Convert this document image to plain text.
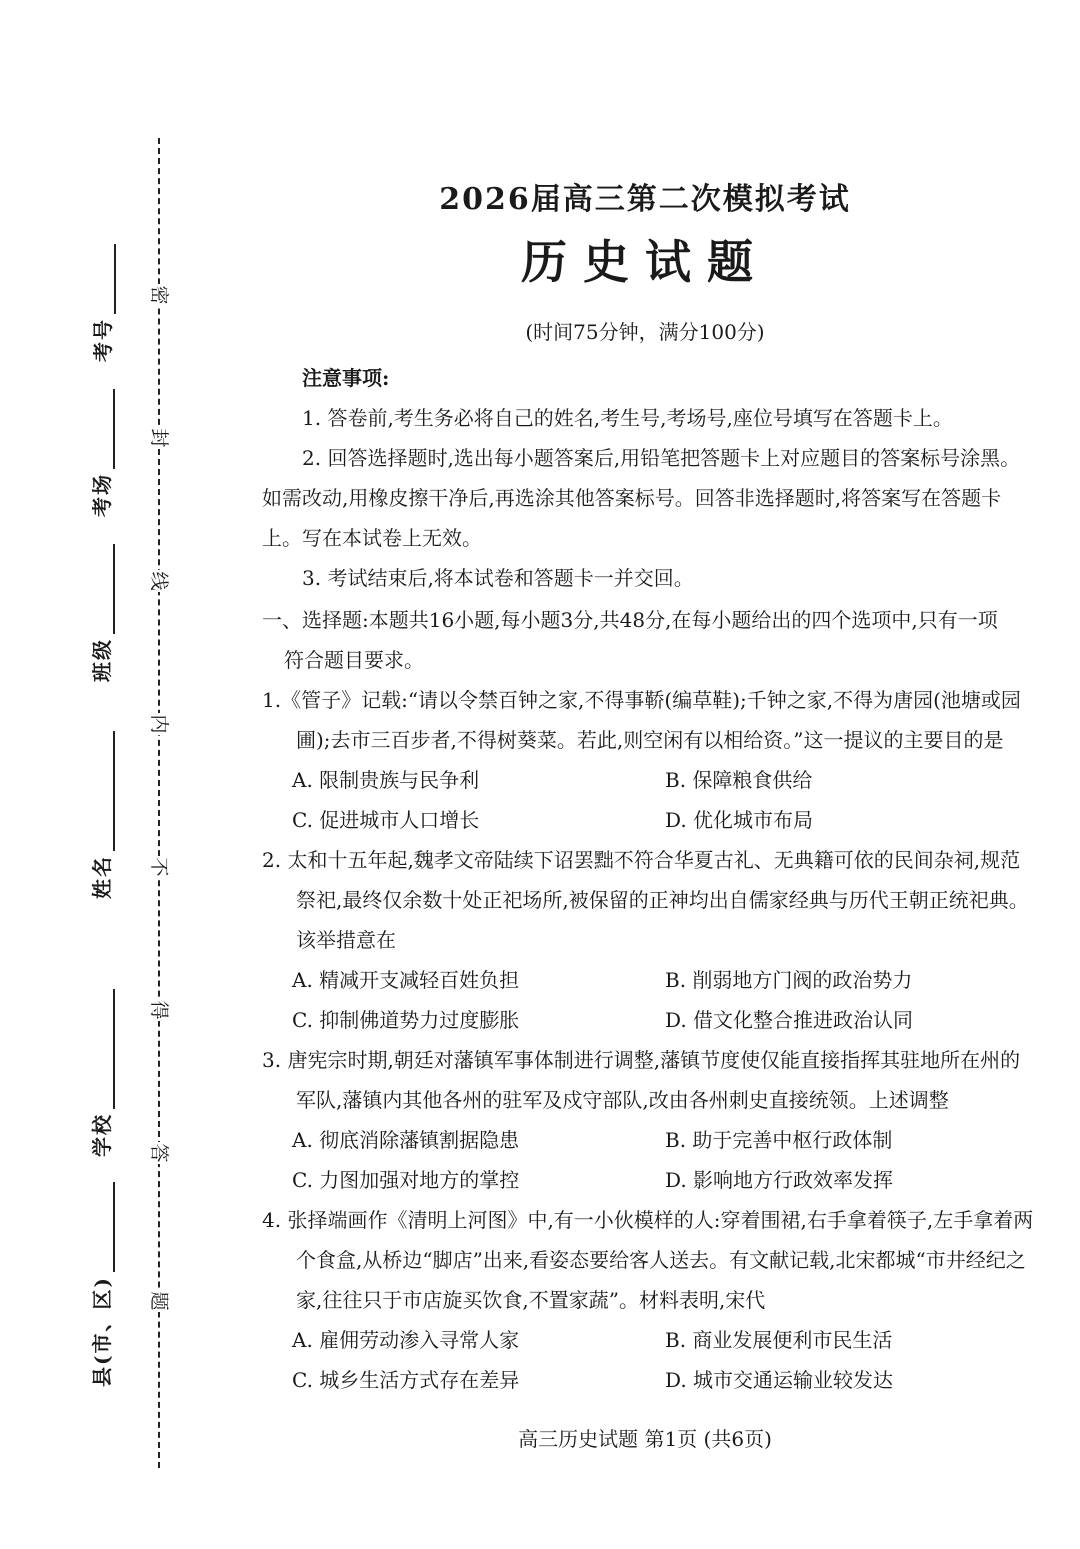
密
封
线
内
不
得
答
题
考号
考场
班级
姓名
学校
县(市、区)
2026届高三第二次模拟考试
历史试题
(时间75分钟，满分100分)
注意事项:
1. 答卷前,考生务必将自己的姓名,考生号,考场号,座位号填写在答题卡上。
2. 回答选择题时,选出每小题答案后,用铅笔把答题卡上对应题目的答案标号涂黑。如需改动,用橡皮擦干净后,再选涂其他答案标号。回答非选择题时,将答案写在答题卡上。写在本试卷上无效。
3. 考试结束后,将本试卷和答题卡一并交回。
一、选择题:本题共16小题,每小题3分,共48分,在每小题给出的四个选项中,只有一项
符合题目要求。
1.《管子》记载:“请以令禁百钟之家,不得事鞒(编草鞋);千钟之家,不得为唐园(池塘或园圃);去市三百步者,不得树葵菜。若此,则空闲有以相给资。”这一提议的主要目的是
A. 限制贵族与民争利	B. 保障粮食供给
C. 促进城市人口增长	D. 优化城市布局
2. 太和十五年起,魏孝文帝陆续下诏罢黜不符合华夏古礼、无典籍可依的民间杂祠,规范祭祀,最终仅余数十处正祀场所,被保留的正神均出自儒家经典与历代王朝正统祀典。该举措意在
A. 精减开支减轻百姓负担	B. 削弱地方门阀的政治势力
C. 抑制佛道势力过度膨胀	D. 借文化整合推进政治认同
3. 唐宪宗时期,朝廷对藩镇军事体制进行调整,藩镇节度使仅能直接指挥其驻地所在州的军队,藩镇内其他各州的驻军及戍守部队,改由各州刺史直接统领。上述调整
A. 彻底消除藩镇割据隐患	B. 助于完善中枢行政体制
C. 力图加强对地方的掌控	D. 影响地方行政效率发挥
4. 张择端画作《清明上河图》中,有一小伙模样的人:穿着围裙,右手拿着筷子,左手拿着两个食盒,从桥边“脚店”出来,看姿态要给客人送去。有文献记载,北宋都城“市井经纪之家,往往只于市店旋买饮食,不置家蔬”。材料表明,宋代
A. 雇佣劳动渗入寻常人家	B. 商业发展便利市民生活
C. 城乡生活方式存在差异	D. 城市交通运输业较发达
高三历史试题 第1页 (共6页)
